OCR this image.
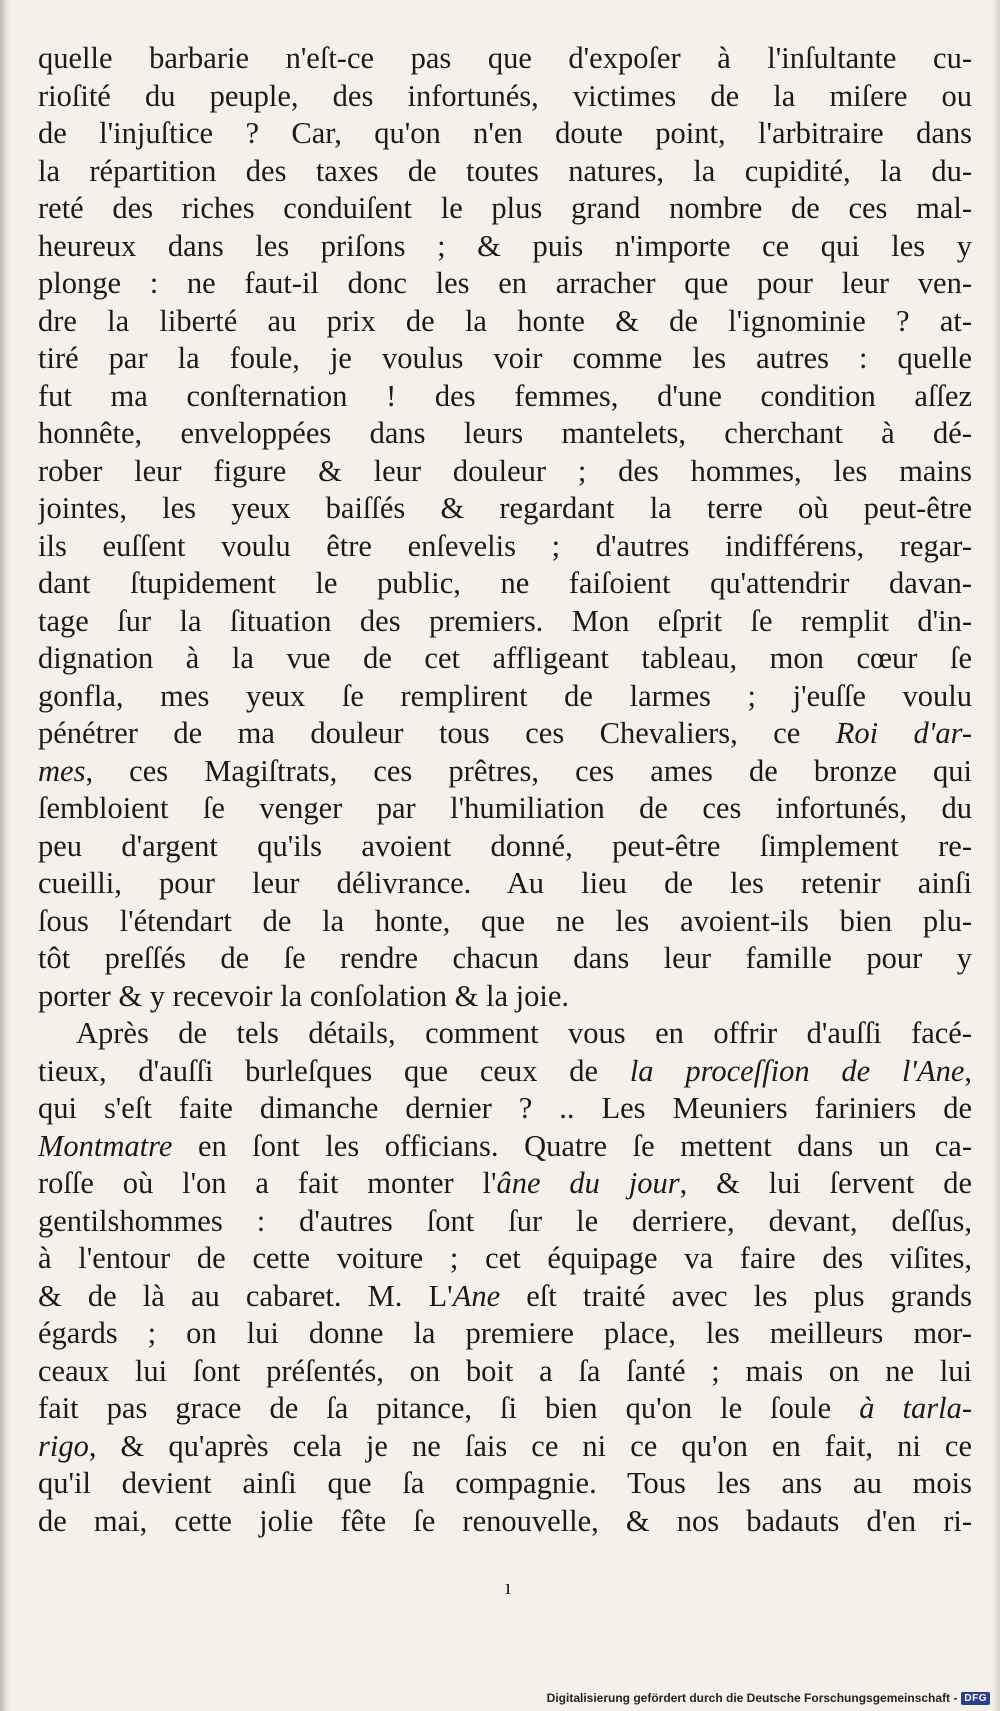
quelle barbarie n'eſt-ce pas que d'expoſer à l'inſultante cu-
rioſité du peuple, des infortunés, victimes de la miſere ou
de l'injuſtice ? Car, qu'on n'en doute point, l'arbitraire dans
la répartition des taxes de toutes natures, la cupidité, la du-
reté des riches conduiſent le plus grand nombre de ces mal-
heureux dans les priſons ; & puis n'importe ce qui les y
plonge : ne faut-il donc les en arracher que pour leur ven-
dre la liberté au prix de la honte & de l'ignominie ? at-
tiré par la foule, je voulus voir comme les autres : quelle
fut ma conſternation ! des femmes, d'une condition aſſez
honnête, enveloppées dans leurs mantelets, cherchant à dé-
rober leur figure & leur douleur ; des hommes, les mains
jointes, les yeux baiſſés & regardant la terre où peut-être
ils euſſent voulu être enſevelis ; d'autres indifférens, regar-
dant ſtupidement le public, ne faiſoient qu'attendrir davan-
tage ſur la ſituation des premiers. Mon eſprit ſe remplit d'in-
dignation à la vue de cet affligeant tableau, mon cœur ſe
gonfla, mes yeux ſe remplirent de larmes ; j'euſſe voulu
pénétrer de ma douleur tous ces Chevaliers, ce Roi d'ar-
mes, ces Magiſtrats, ces prêtres, ces ames de bronze qui
ſembloient ſe venger par l'humiliation de ces infortunés, du
peu d'argent qu'ils avoient donné, peut-être ſimplement re-
cueilli, pour leur délivrance. Au lieu de les retenir ainſi
ſous l'étendart de la honte, que ne les avoient-ils bien plu-
tôt preſſés de ſe rendre chacun dans leur famille pour y
porter & y recevoir la conſolation & la joie.
Après de tels détails, comment vous en offrir d'auſſi facé-
tieux, d'auſſi burleſques que ceux de la proceſſion de l'Ane,
qui s'eſt faite dimanche dernier ? .. Les Meuniers fariniers de
Montmatre en ſont les officians. Quatre ſe mettent dans un ca-
roſſe où l'on a fait monter l'âne du jour, & lui ſervent de
gentilshommes : d'autres ſont ſur le derriere, devant, deſſus,
à l'entour de cette voiture ; cet équipage va faire des viſites,
& de là au cabaret. M. L'Ane eſt traité avec les plus grands
égards ; on lui donne la premiere place, les meilleurs mor-
ceaux lui ſont préſentés, on boit a ſa ſanté ; mais on ne lui
fait pas grace de ſa pitance, ſi bien qu'on le ſoule à tarla-
rigo, & qu'après cela je ne ſais ce ni ce qu'on en fait, ni ce
qu'il devient ainſi que ſa compagnie. Tous les ans au mois
de mai, cette jolie fête ſe renouvelle, & nos badauts d'en ri-
ı
Digitalisierung gefördert durch die Deutsche Forschungsgemeinschaft - DFG
